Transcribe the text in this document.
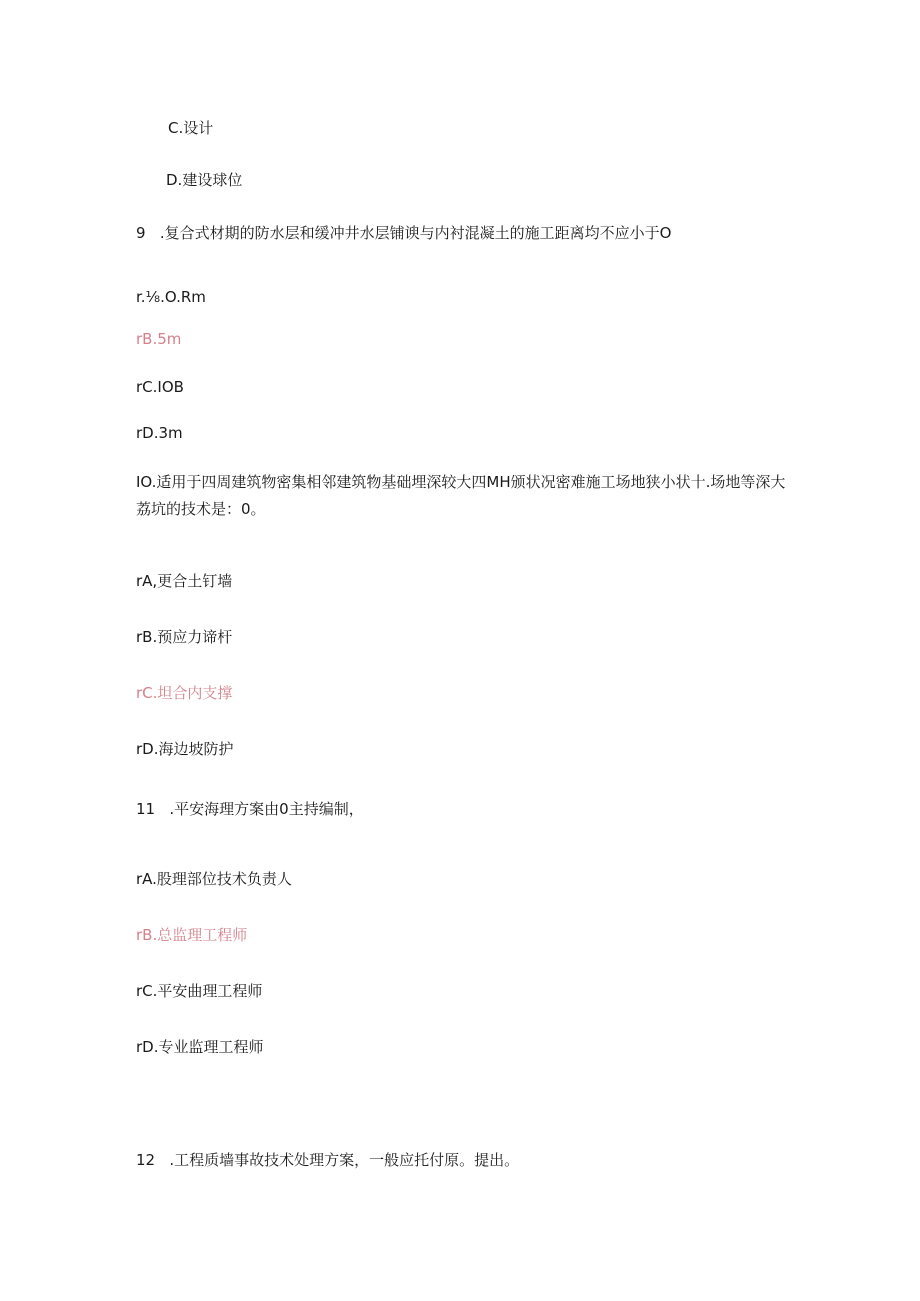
C.设计
D.建设球位
9   .复合式材期的防水层和缓冲井水层铺谀与内衬混凝土的施工距离均不应小于O
r.⅛.O.Rm
rB.5m
rC.ⅠOB
rD.3m
IO.适用于四周建筑物密集相邻建筑物基础埋深较大四MH颁状况密难施工场地狭小状十.场地等深大荔坑的技术是：0。
rA,更合土钉墙
rB.预应力谛杆
rC.坦合内支撑
rD.海边坡防护
11   .平安海理方案由0主持编制，
rA.股理部位技术负责人
rB.总监理工程师
rC.平安曲理工程师
rD.专业监理工程师
12   .工程质墙事故技术处理方案，一般应托付原。提出。
